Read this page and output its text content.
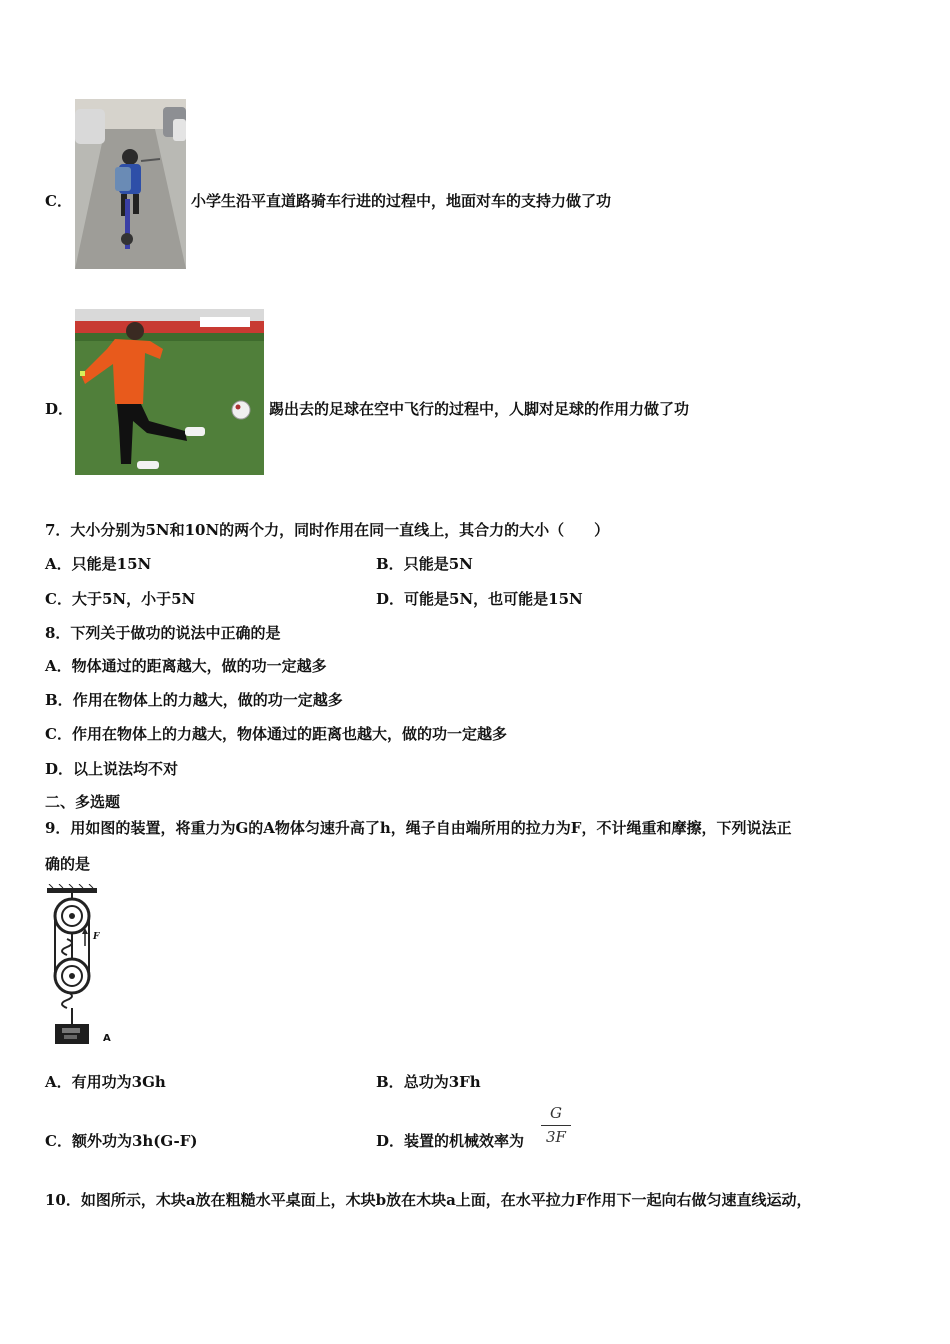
C．	小学生沿平直道路骑车行进的过程中，地面对车的支持力做了功
D．	踢出去的足球在空中飞行的过程中，人脚对足球的作用力做了功
7．大小分别为5N和10N的两个力，同时作用在同一直线上，其合力的大小（　　）
A．只能是15N	B．只能是5N
C．大于5N，小于5N	D．可能是5N，也可能是15N
8．下列关于做功的说法中正确的是
A．物体通过的距离越大，做的功一定越多
B．作用在物体上的力越大，做的功一定越多
C．作用在物体上的力越大，物体通过的距离也越大，做的功一定越多
D．以上说法均不对
二、多选题
9．用如图的装置，将重力为G的A物体匀速升高了h，绳子自由端所用的拉力为F，不计绳重和摩擦，下列说法正
确的是
F
A
A．有用功为3Gh	B．总功为3Fh
C．额外功为3h(G-F)	D．装置的机械效率为
G
3F
10．如图所示，木块a放在粗糙水平桌面上，木块b放在木块a上面，在水平拉力F作用下一起向右做匀速直线运动，
